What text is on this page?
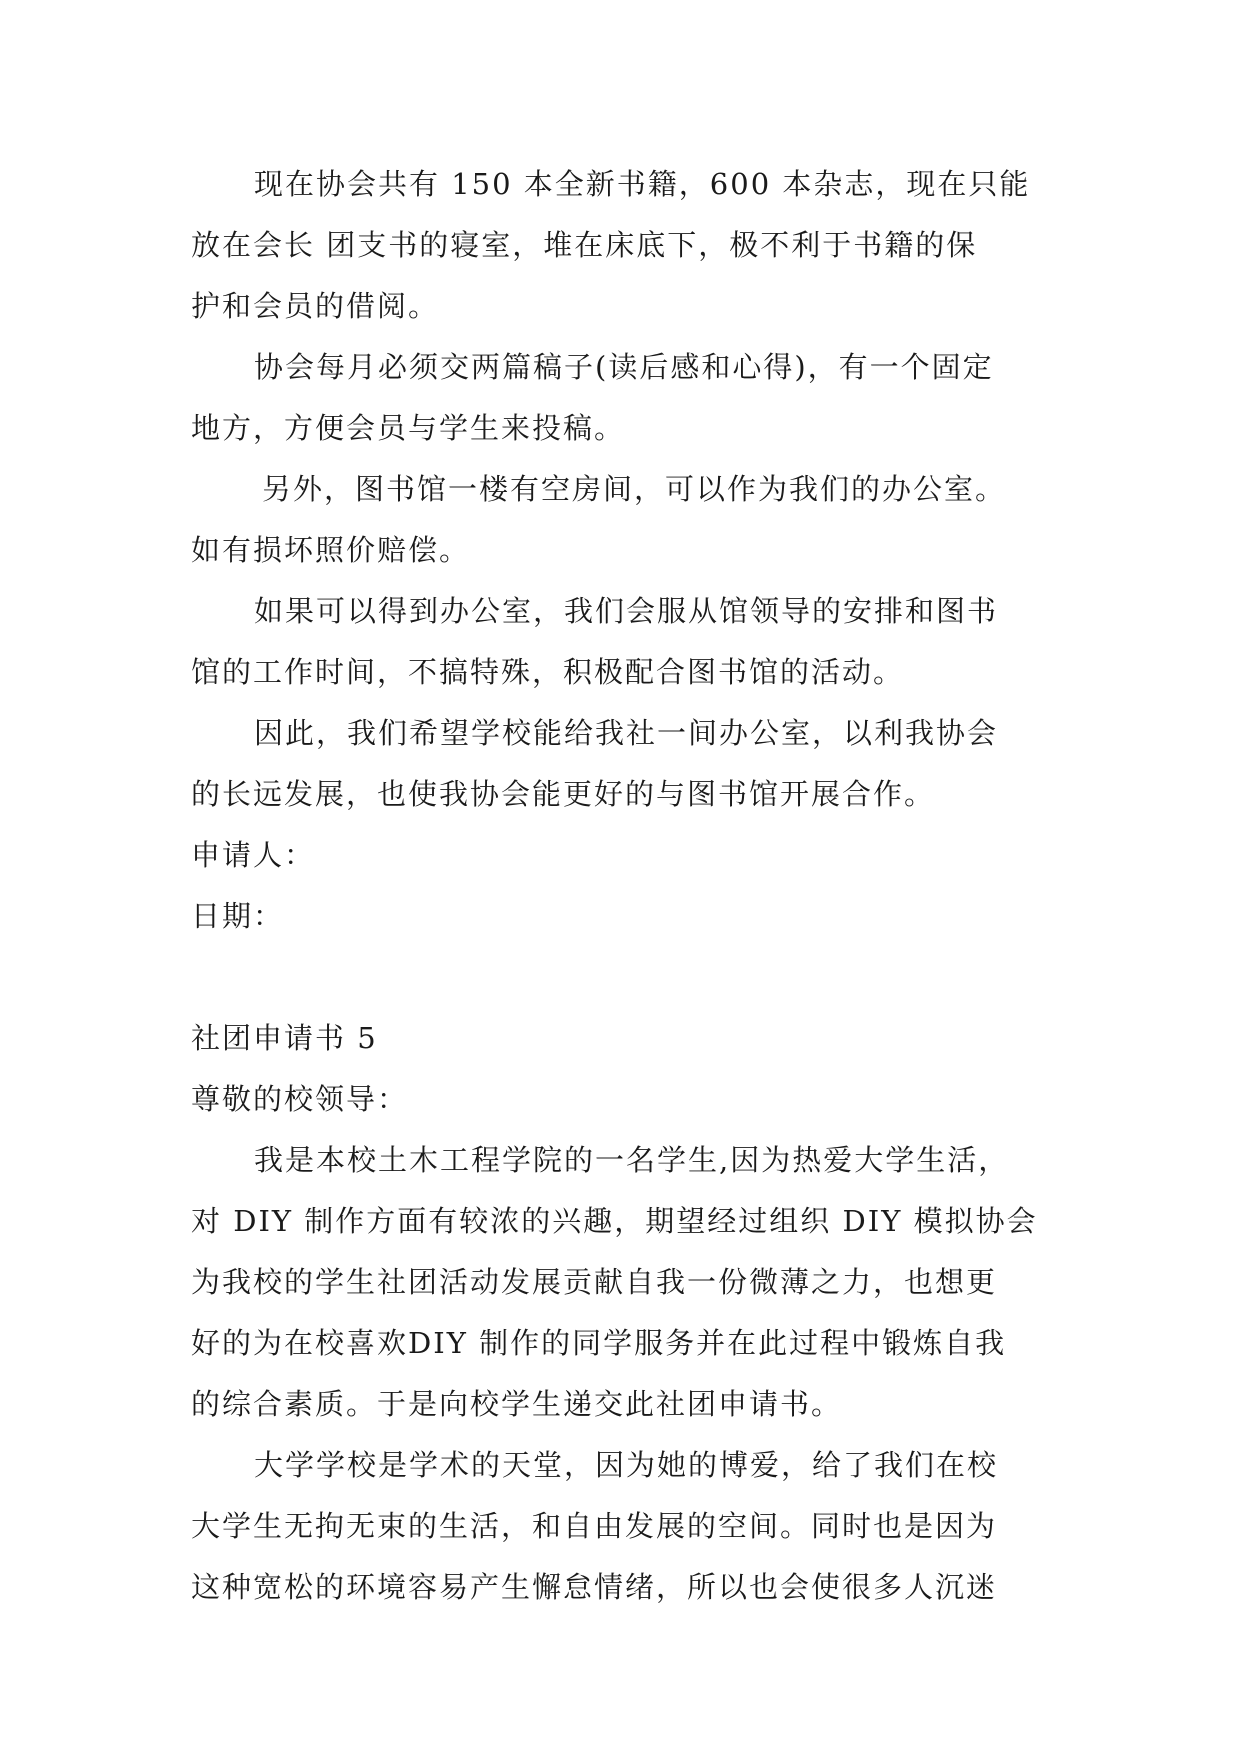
现在协会共有 150 本全新书籍，600 本杂志，现在只能
放在会长 团支书的寝室，堆在床底下，极不利于书籍的保
护和会员的借阅。
协会每月必须交两篇稿子(读后感和心得)，有一个固定
地方，方便会员与学生来投稿。
另外，图书馆一楼有空房间，可以作为我们的办公室。
如有损坏照价赔偿。
如果可以得到办公室，我们会服从馆领导的安排和图书
馆的工作时间，不搞特殊，积极配合图书馆的活动。
因此，我们希望学校能给我社一间办公室，以利我协会
的长远发展，也使我协会能更好的与图书馆开展合作。
申请人：
日期：
社团申请书 5
尊敬的校领导：
我是本校土木工程学院的一名学生,因为热爱大学生活，
对 DIY 制作方面有较浓的兴趣，期望经过组织 DIY 模拟协会
为我校的学生社团活动发展贡献自我一份微薄之力，也想更
好的为在校喜欢DIY 制作的同学服务并在此过程中锻炼自我
的综合素质。于是向校学生递交此社团申请书。
大学学校是学术的天堂，因为她的博爱，给了我们在校
大学生无拘无束的生活，和自由发展的空间。同时也是因为
这种宽松的环境容易产生懈怠情绪，所以也会使很多人沉迷
